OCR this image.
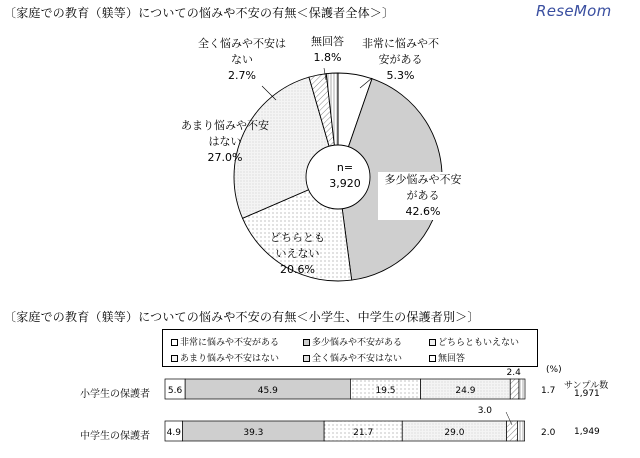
5.6	45.9	19.5	24.9	1.7
2.4
4.9	39.3	21.7	29.0	2.0
3.0
〔家庭での教育（躾等）についての悩みや不安の有無＜保護者全体＞〕	ReseMom
全く悩みや不安は
ない
2.7%
無回答
1.8%
非常に悩みや不
安がある
5.3%
あまり悩みや不安
はない
27.0%
n=
3,920	多少悩みや不安
がある
42.6%
どちらとも
いえない
20.6%
〔家庭での教育（躾等）についての悩みや不安の有無＜小学生、中学生の保護者別＞〕
非常に悩みや不安がある	多少悩みや不安がある	どちらともいえない
あまり悩みや不安はない	全く悩みや不安はない	無回答
(%)
サンプル数
小学生の保護者
中学生の保護者
1,971
1,949
